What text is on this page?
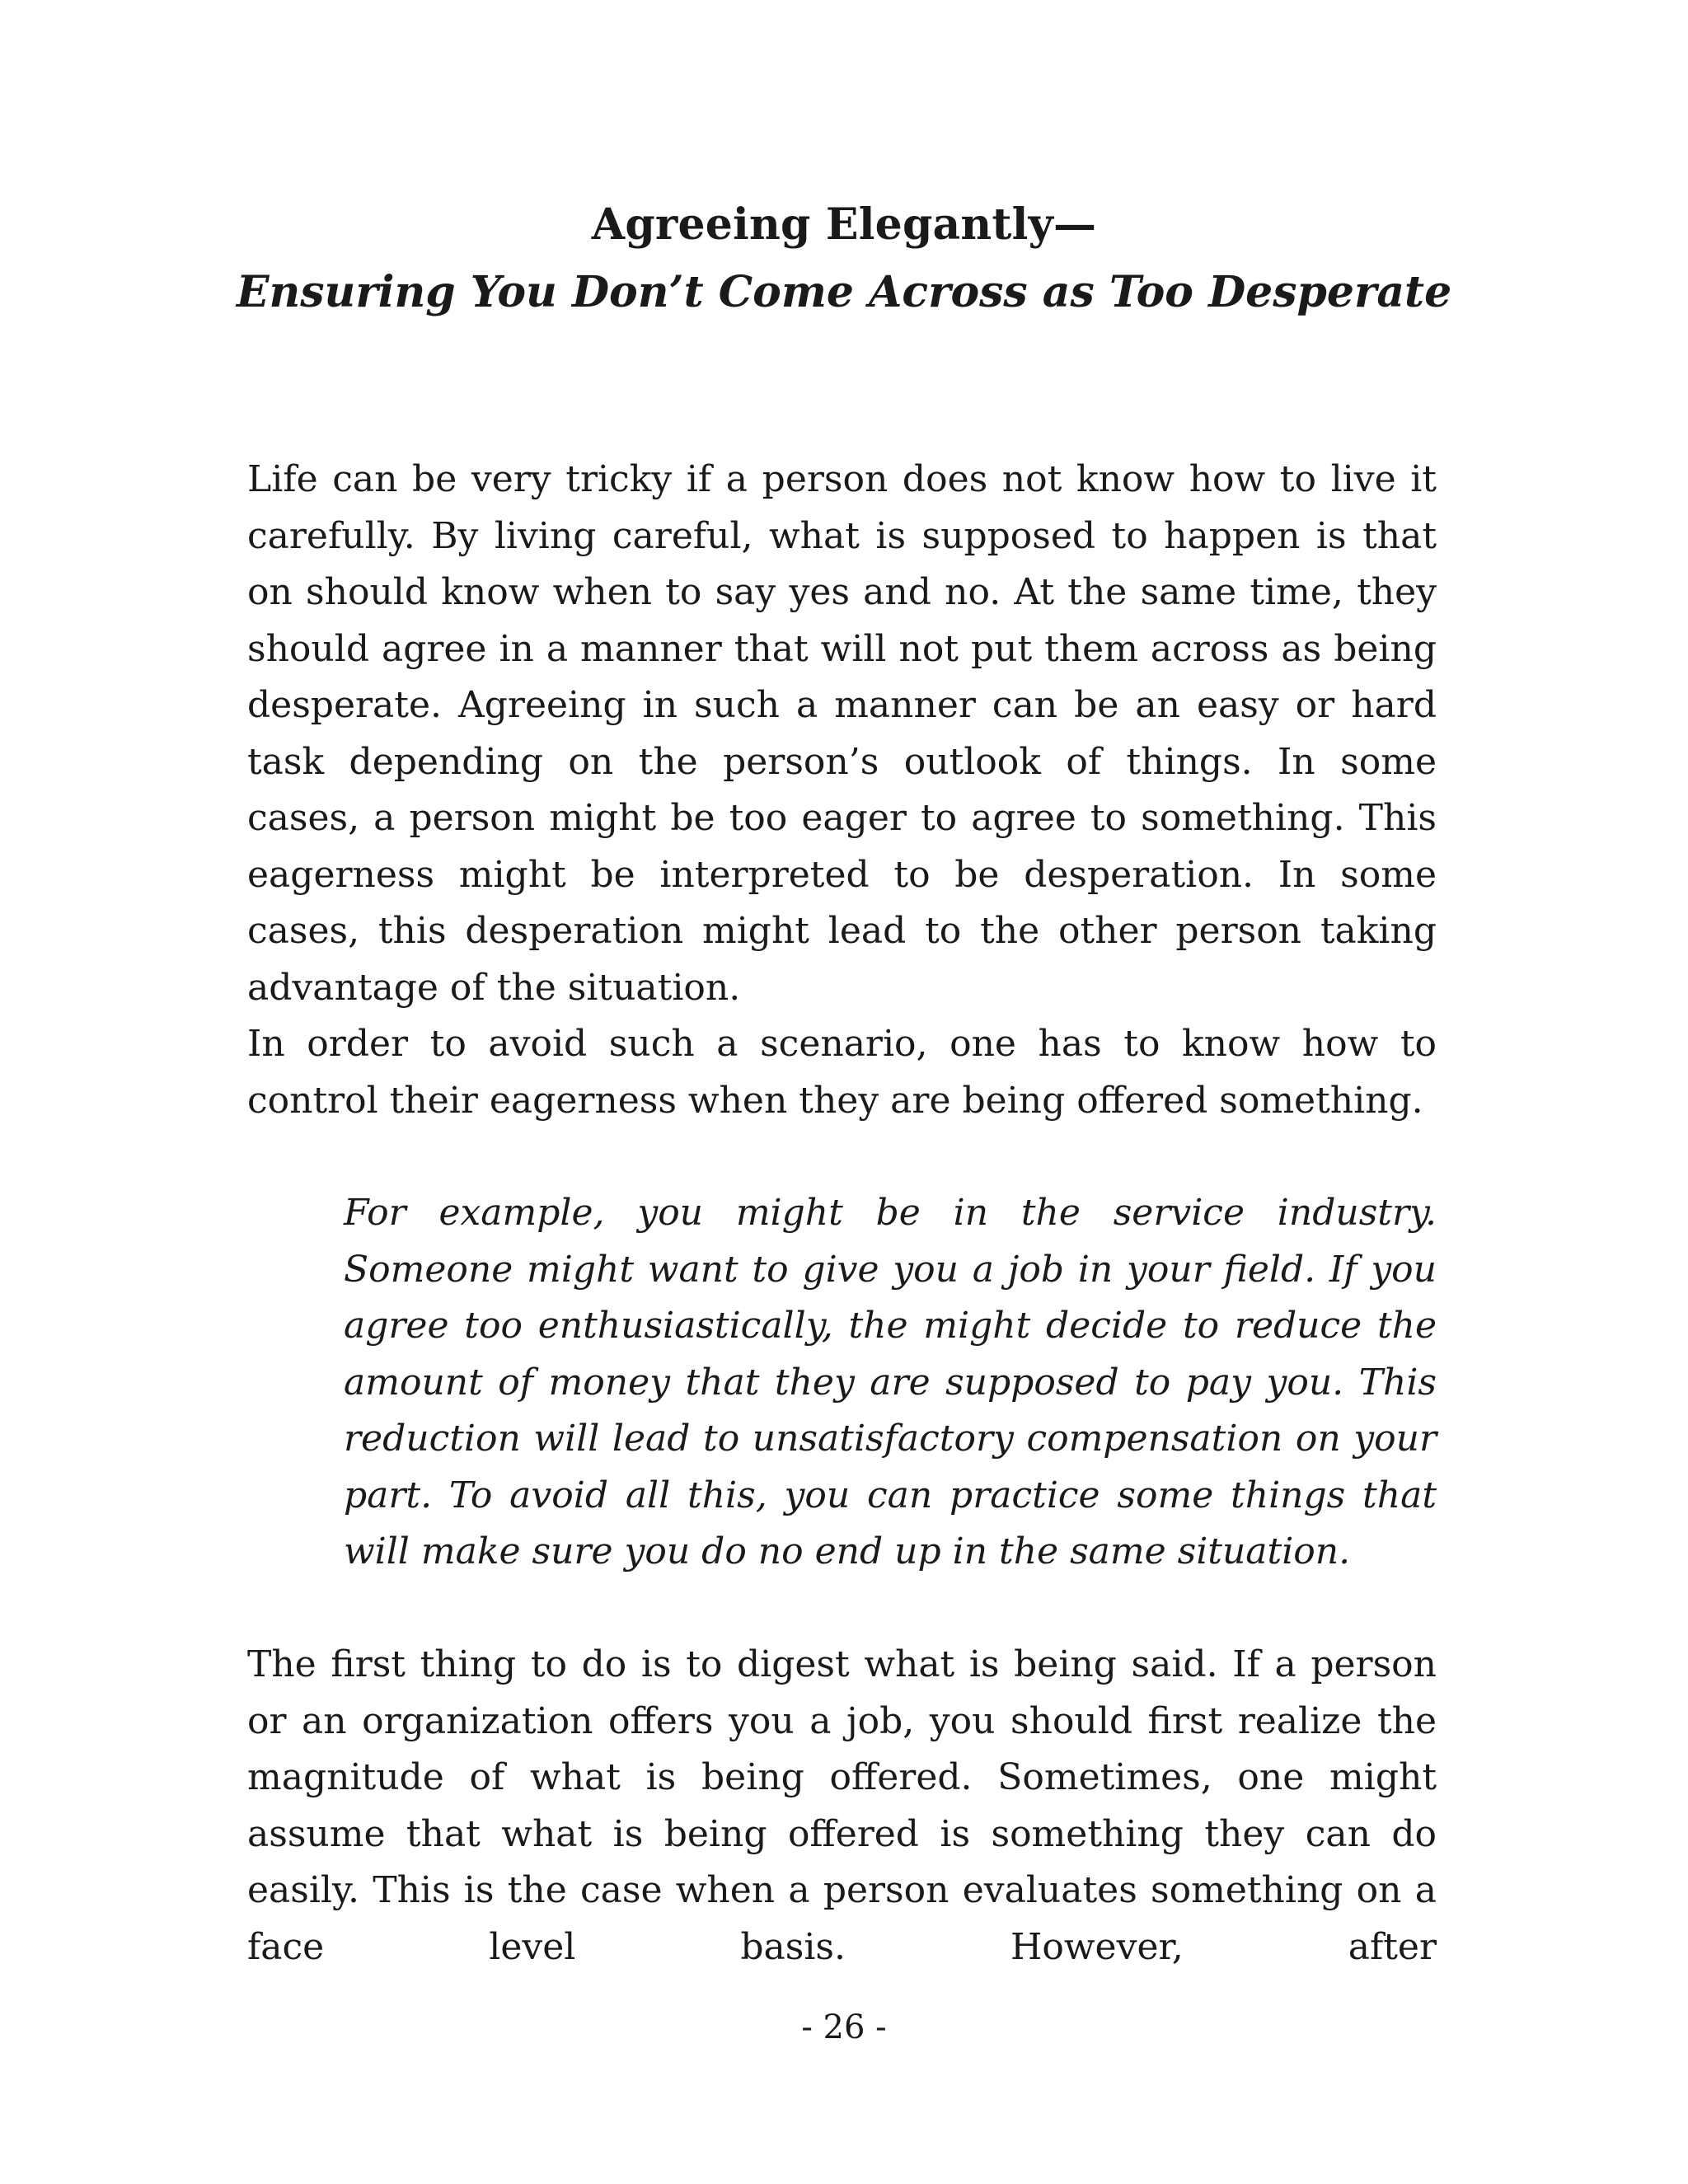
Agreeing Elegantly—
Ensuring You Don’t Come Across as Too Desperate

Life can be very tricky if a person does not know how to live it carefully. By living careful, what is supposed to happen is that on should know when to say yes and no. At the same time, they should agree in a manner that will not put them across as being desperate. Agreeing in such a manner can be an easy or hard task depending on the person’s outlook of things. In some cases, a person might be too eager to agree to something. This eagerness might be interpreted to be desperation. In some cases, this desperation might lead to the other person taking advantage of the situation.

In order to avoid such a scenario, one has to know how to control their eagerness when they are being offered something.

For example, you might be in the service industry. Someone might want to give you a job in your field. If you agree too enthusiastically, the might decide to reduce the amount of money that they are supposed to pay you. This reduction will lead to unsatisfactory compensation on your part. To avoid all this, you can practice some things that will make sure you do no end up in the same situation.

The first thing to do is to digest what is being said. If a person or an organization offers you a job, you should first realize the magnitude of what is being offered. Sometimes, one might assume that what is being offered is something they can do easily. This is the case when a person evaluates something on a face level basis. However, after

- 26 -
